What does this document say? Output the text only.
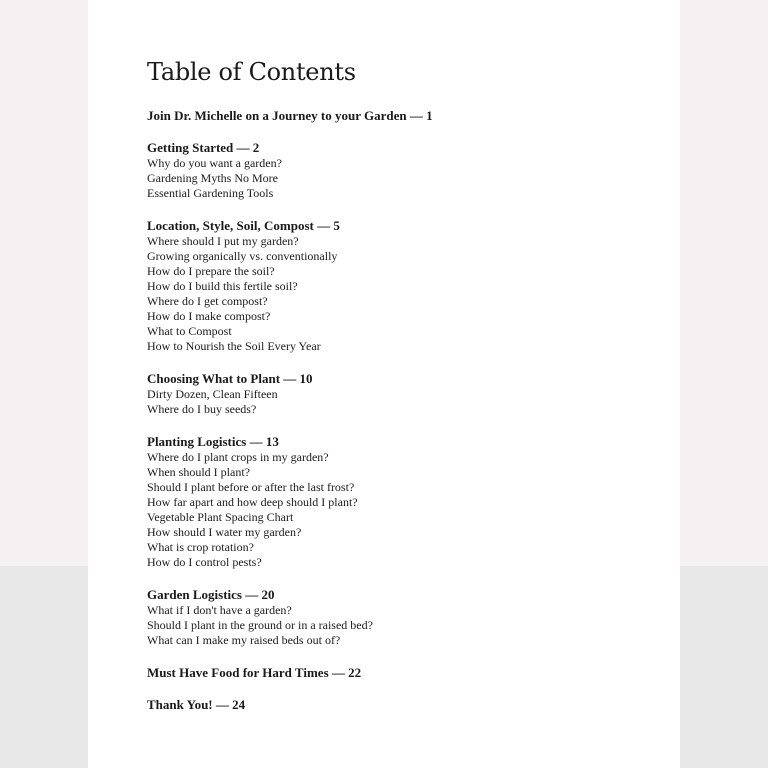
Table of Contents

Join Dr. Michelle on a Journey to your Garden — 1

Getting Started — 2

Why do you want a garden?

Gardening Myths No More

Essential Gardening Tools

Location, Style, Soil, Compost — 5

Where should I put my garden?

Growing organically vs. conventionally

How do I prepare the soil?

How do I build this fertile soil?

Where do I get compost?

How do I make compost?

What to Compost

How to Nourish the Soil Every Year

Choosing What to Plant — 10

Dirty Dozen, Clean Fifteen

Where do I buy seeds?

Planting Logistics — 13

Where do I plant crops in my garden?

When should I plant?

Should I plant before or after the last frost?

How far apart and how deep should I plant?

Vegetable Plant Spacing Chart

How should I water my garden?

What is crop rotation?

How do I control pests?

Garden Logistics — 20

What if I don't have a garden?

Should I plant in the ground or in a raised bed?

What can I make my raised beds out of?

Must Have Food for Hard Times — 22

Thank You! — 24
